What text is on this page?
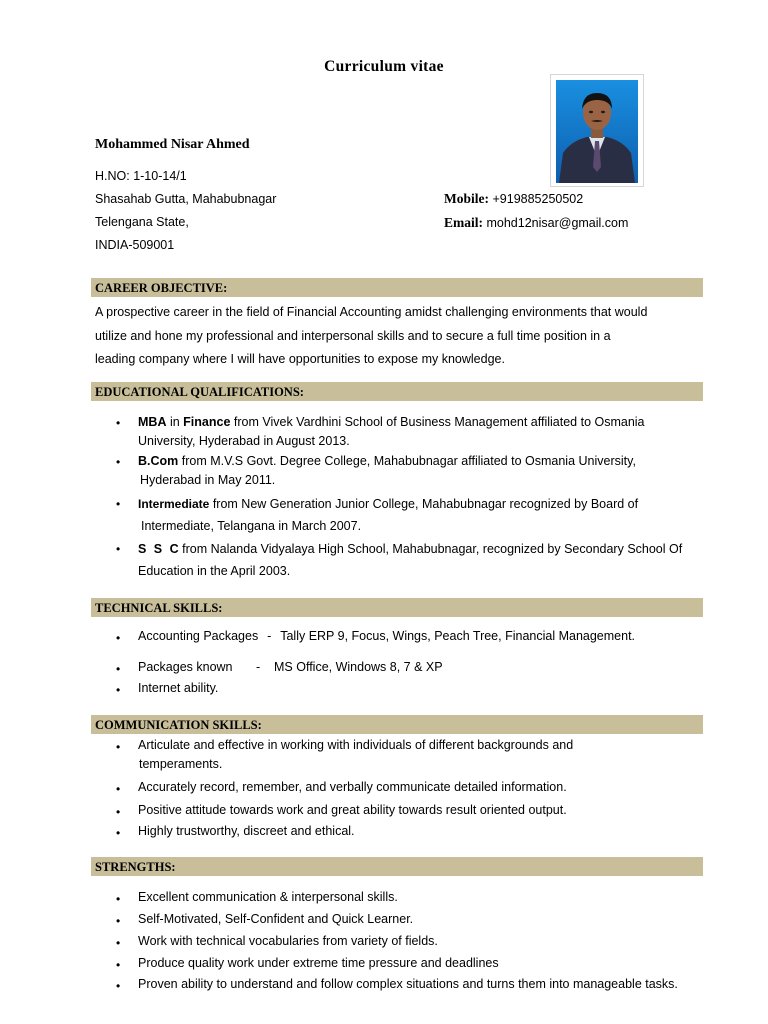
Curriculum vitae
Mohammed Nisar Ahmed
H.NO: 1-10-14/1
Shasahab Gutta, Mahabubnagar
Telengana State,
INDIA-509001
Mobile: +919885250502
Email: mohd12nisar@gmail.com
CAREER OBJECTIVE:
A prospective career in the field of Financial Accounting amidst challenging environments that would
utilize and hone my professional and interpersonal skills and to secure a full time position in a
leading company where I will have opportunities to expose my knowledge.
EDUCATIONAL QUALIFICATIONS:
• MBA in Finance from Vivek Vardhini School of Business Management affiliated to Osmania
University, Hyderabad in August 2013.
• B.Com from M.V.S Govt. Degree College, Mahabubnagar affiliated to Osmania University,
Hyderabad in May 2011.
• Intermediate from New Generation Junior College, Mahabubnagar recognized by Board of
Intermediate, Telangana in March 2007.
• S S C from Nalanda Vidyalaya High School, Mahabubnagar, recognized by Secondary School Of
Education in the April 2003.
TECHNICAL SKILLS:
• Accounting Packages - Tally ERP 9, Focus, Wings, Peach Tree, Financial Management.
• Packages known - MS Office, Windows 8, 7 & XP
• Internet ability.
COMMUNICATION SKILLS:
• Articulate and effective in working with individuals of different backgrounds and
temperaments.
• Accurately record, remember, and verbally communicate detailed information.
• Positive attitude towards work and great ability towards result oriented output.
• Highly trustworthy, discreet and ethical.
STRENGTHS:
• Excellent communication & interpersonal skills.
• Self-Motivated, Self-Confident and Quick Learner.
• Work with technical vocabularies from variety of fields.
• Produce quality work under extreme time pressure and deadlines
• Proven ability to understand and follow complex situations and turns them into manageable tasks.
